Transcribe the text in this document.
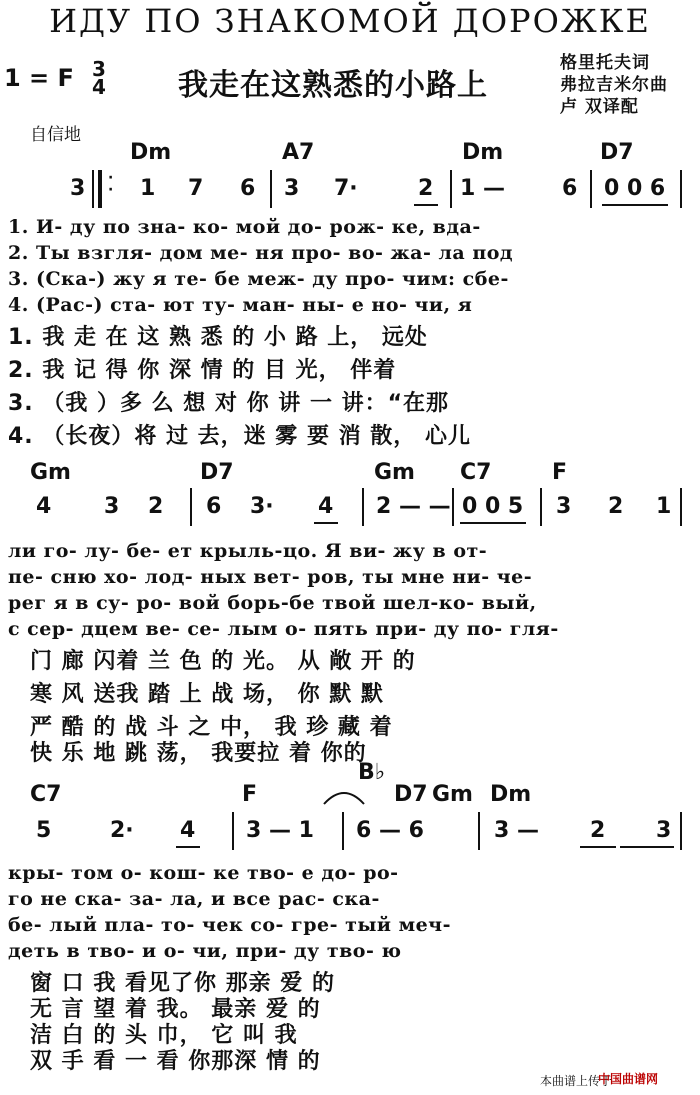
ИДУ ПО ЗНАКОМОЙ ДОРОЖКЕ
1 = F 3
4 我走在这熟悉的小路上
格里托夫词
弗拉吉米尔曲
卢 双译配
自信地
Dm	A7	Dm	D7
3 ·
· 1 7 6 3 7·	2 1 —	6 0 0 6
1. И- ду по зна- ко- мой до- рож- ке, вда-
2. Ты взгля- дом ме- ня про- во- жа- ла под
3. (Ска-) жу я те- бе меж- ду про- чим: сбе-
4. (Рас-) ста- ют ту- ман- ны- е но- чи, я
1. 我 走 在 这 熟 悉 的 小 路 上， 远处
2. 我 记 得 你 深 情 的 目 光， 伴着
3. （我 ）多 么 想 对 你 讲 一 讲：“在那
4. （长夜）将 过 去，迷 雾 要 消 散， 心儿
Gm	D7	Gm C7	F
4 3 2 6 3· 4 2 — — 0 0 5 3 2 1
ли го- лу- бе- ет крыль-цо. Я ви- жу в от-
пе- сню хо- лод- ных вет- ров, ты мне ни- че-
рег я в су- ро- вой борь-бе твой шел-ко- вый,
с сер- дцем ве- се- лым о- пять при- ду по- гля-
门 廊 闪着 兰 色 的 光。 从 敞 开 的
寒 风 送我 踏 上 战 场， 你 默 默
严 酷 的 战 斗 之 中， 我 珍 藏 着
快 乐 地 跳 荡， 我要拉 着 你的
C7	F
B♭
D7 Gm Dm
5	2· 4 3 — 1 6 — 6	3 — 2 3
кры- том о- кош- ке тво- е до- ро-
го не ска- за- ла, и все рас- ска-
бе- лый пла- то- чек со- гре- тый меч-
деть в тво- и о- чи, при- ду тво- ю
窗 口 我 看见了你 那亲 爱 的
无 言 望 着 我。 最亲 爱 的
洁 白 的 头 巾， 它 叫 我
双 手 看 一 看 你那深 情 的
本曲谱上传于
中国曲谱网
